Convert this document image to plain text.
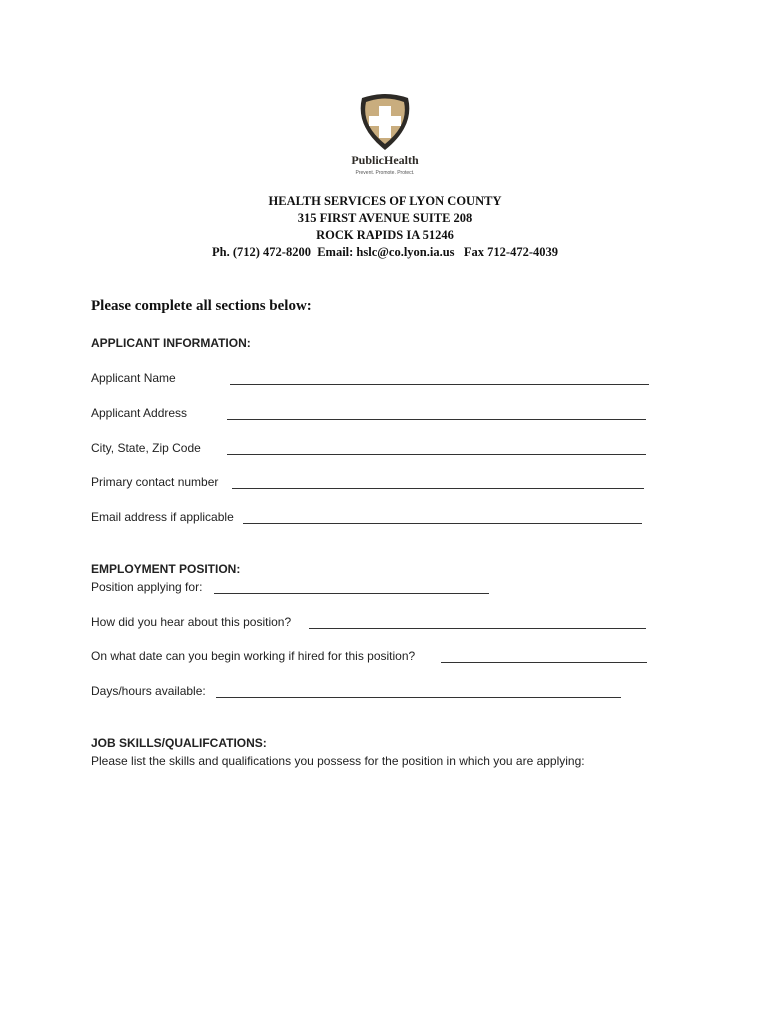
PublicHealth
Prevent. Promote. Protect.
HEALTH SERVICES OF LYON COUNTY
315 FIRST AVENUE SUITE 208
ROCK RAPIDS IA 51246
Ph. (712) 472-8200  Email: hslc@co.lyon.ia.us   Fax 712-472-4039
Please complete all sections below:
APPLICANT INFORMATION:
Applicant Name
Applicant Address
City, State, Zip Code
Primary contact number
Email address if applicable
EMPLOYMENT POSITION:
Position applying for:
How did you hear about this position?
On what date can you begin working if hired for this position?
Days/hours available:
JOB SKILLS/QUALIFCATIONS:
Please list the skills and qualifications you possess for the position in which you are applying:
